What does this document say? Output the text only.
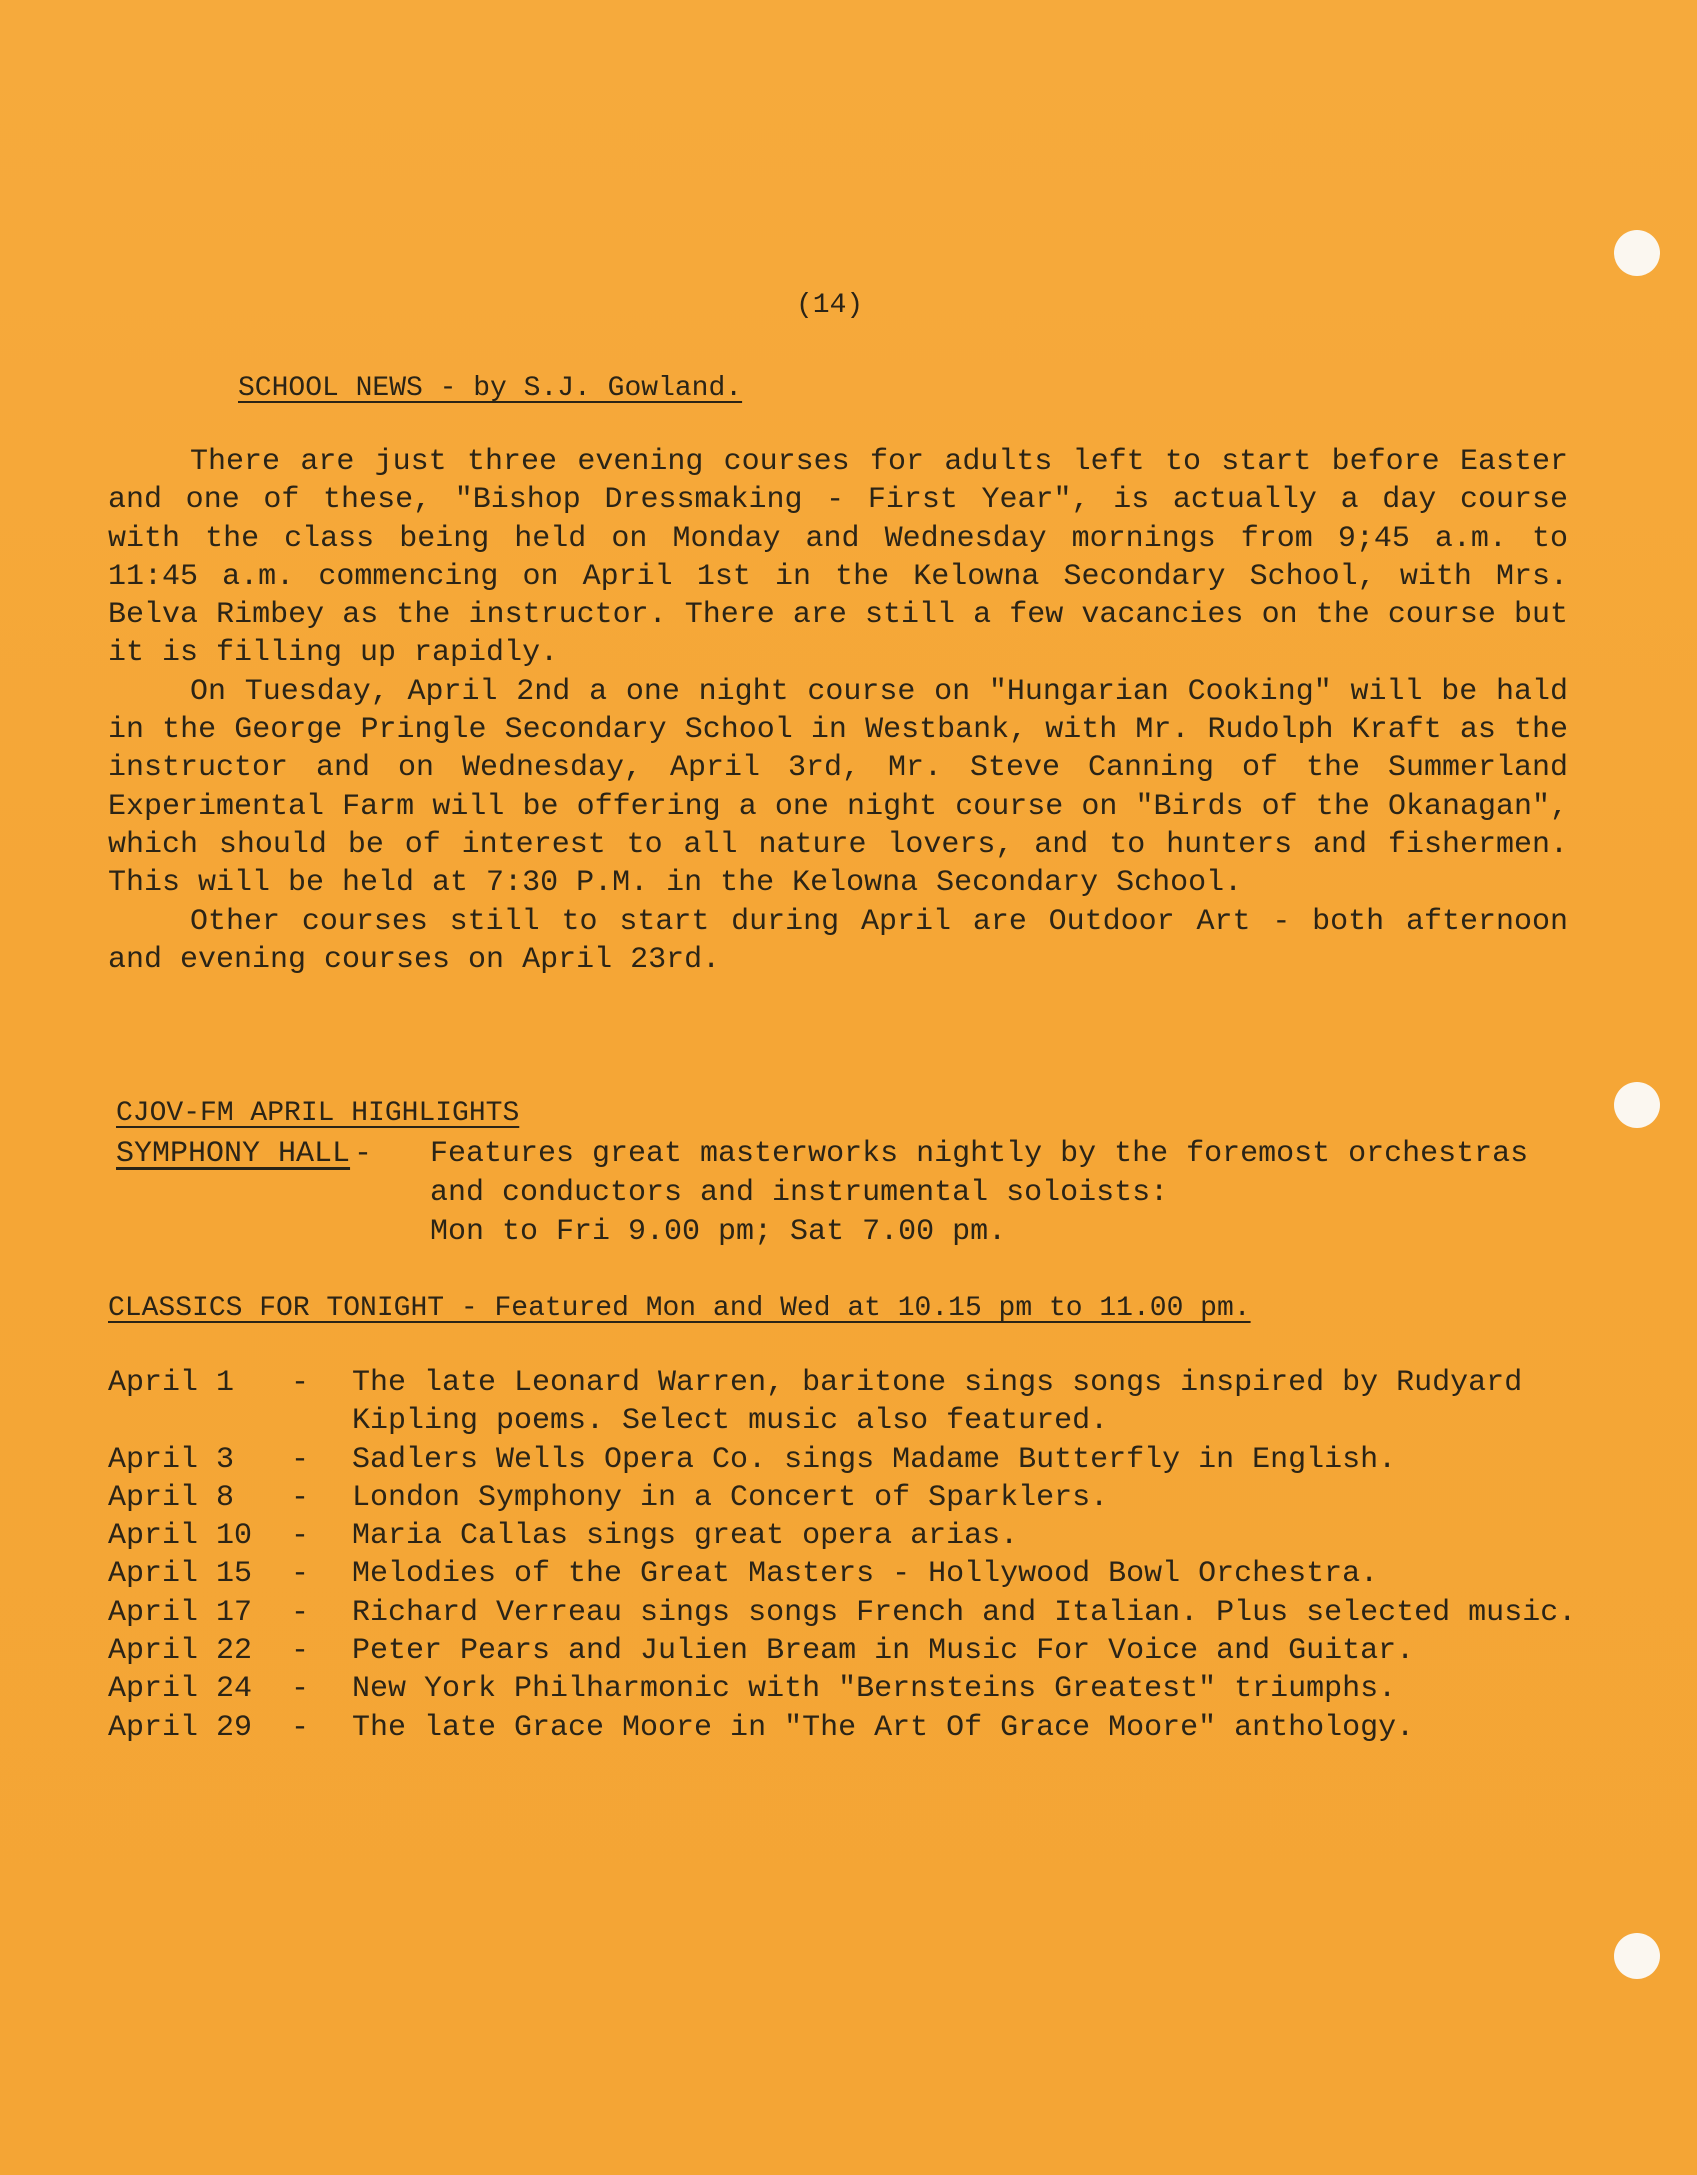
(14)
SCHOOL NEWS - by S.J. Gowland.

There are just three evening courses for adults left to start before Easter and one of these, "Bishop Dressmaking - First Year", is actually a day course with the class being held on Monday and Wednesday mornings from 9;45 a.m. to 11:45 a.m. commencing on April 1st in the Kelowna Secondary School, with Mrs. Belva Rimbey as the instructor. There are still a few vacancies on the course but it is filling up rapidly.

On Tuesday, April 2nd a one night course on "Hungarian Cooking" will be hald in the George Pringle Secondary School in Westbank, with Mr. Rudolph Kraft as the instructor and on Wednesday, April 3rd, Mr. Steve Canning of the Summerland Experimental Farm will be offering a one night course on "Birds of the Okanagan", which should be of interest to all nature lovers, and to hunters and fishermen. This will be held at 7:30 P.M. in the Kelowna Secondary School.

Other courses still to start during April are Outdoor Art - both afternoon and evening courses on April 23rd.

CJOV-FM APRIL HIGHLIGHTS
SYMPHONY HALL - Features great masterworks nightly by the foremost orchestras and conductors and instrumental soloists:
Mon to Fri 9.00 pm; Sat 7.00 pm.
CLASSICS FOR TONIGHT - Featured Mon and Wed at 10.15 pm to 11.00 pm.
April 1	-	The late Leonard Warren, baritone sings songs inspired by Rudyard Kipling poems. Select music also featured.
April 3	-	Sadlers Wells Opera Co. sings Madame Butterfly in English.
April 8	-	London Symphony in a Concert of Sparklers.
April 10	-	Maria Callas sings great opera arias.
April 15	-	Melodies of the Great Masters - Hollywood Bowl Orchestra.
April 17	-	Richard Verreau sings songs French and Italian. Plus selected music.
April 22	-	Peter Pears and Julien Bream in Music For Voice and Guitar.
April 24	-	New York Philharmonic with "Bernsteins Greatest" triumphs.
April 29	-	The late Grace Moore in "The Art Of Grace Moore" anthology.
